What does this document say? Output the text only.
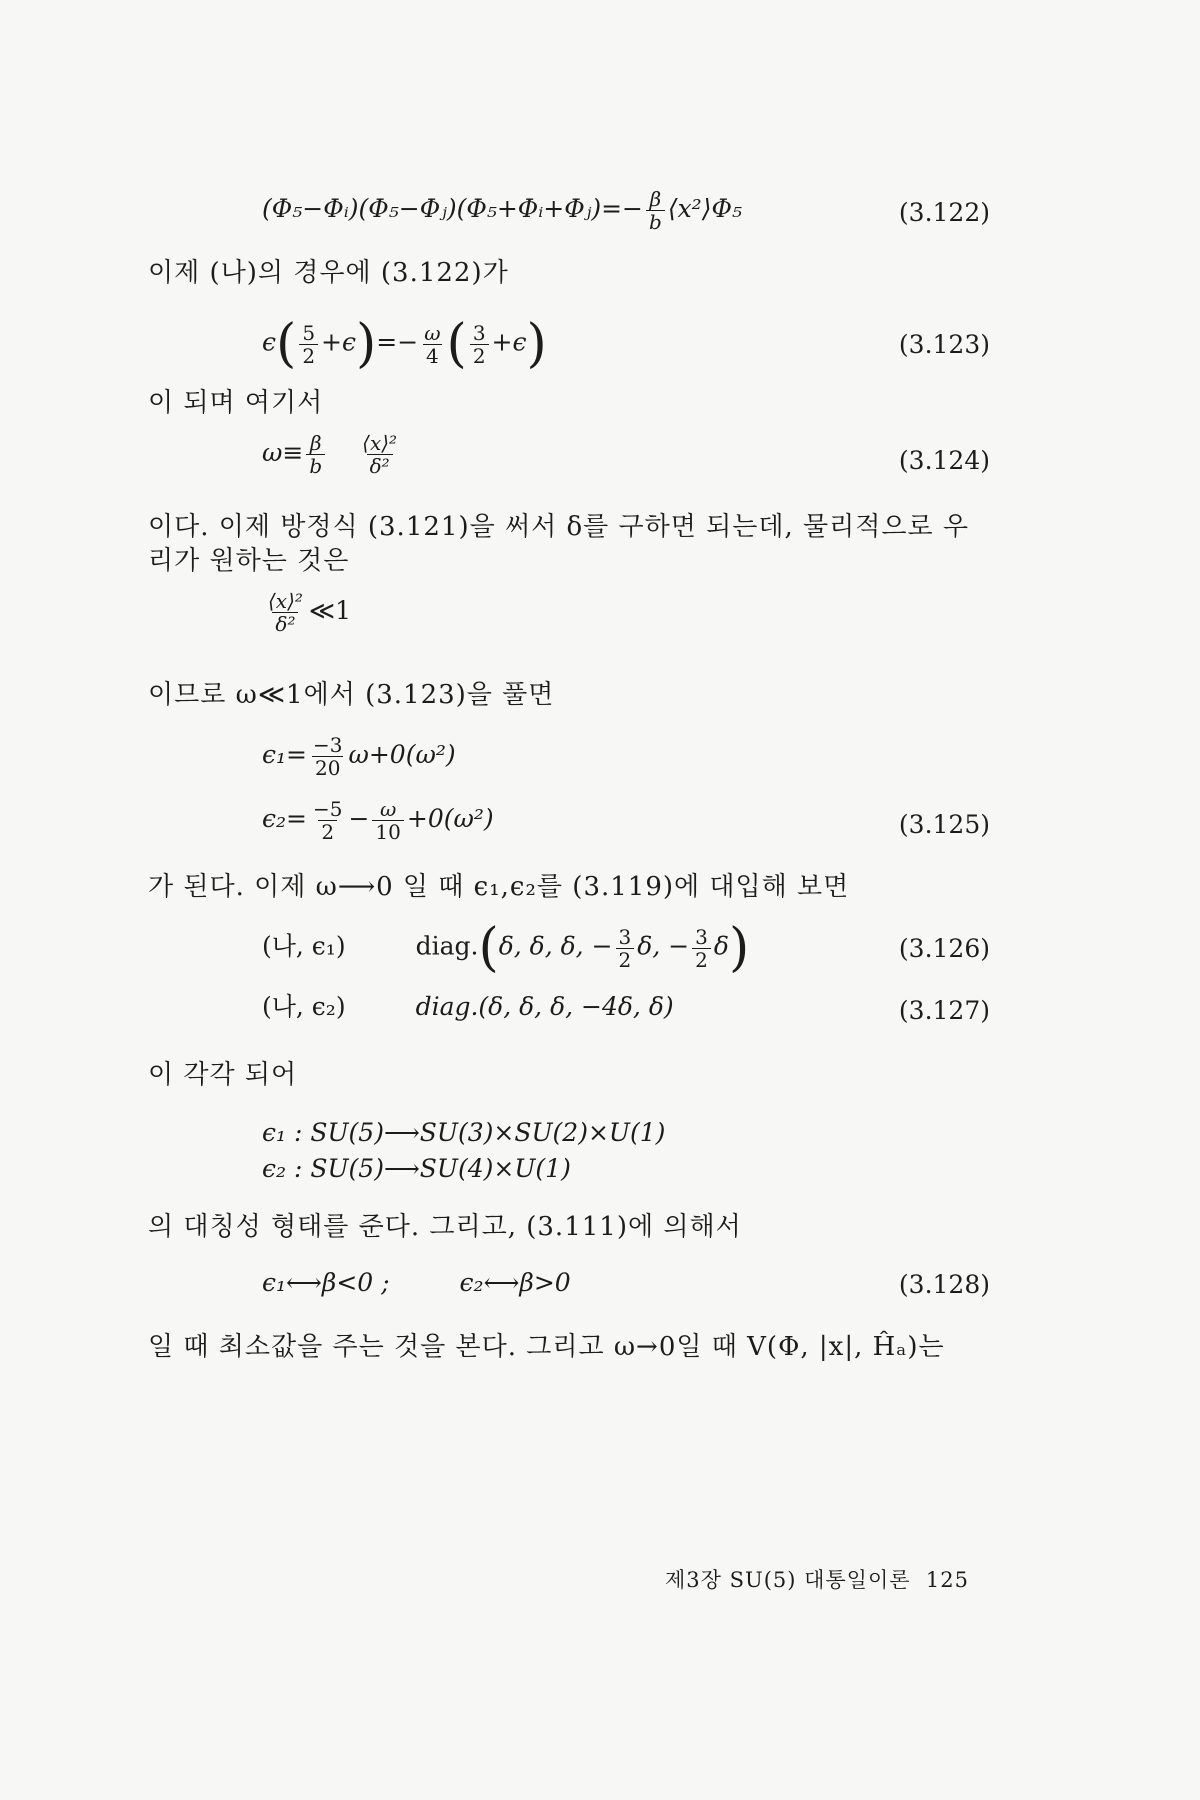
(Φ₅−Φᵢ)(Φ₅−Φⱼ)(Φ₅+Φᵢ+Φⱼ)=− $\frac{\beta}{b}$ ⟨x²⟩Φ₅	(3.122)
이제 (나)의 경우에 (3.122)가
$\epsilon( \frac{5}{2} +\epsilon)=- \frac{\omega}{4}$ ( $\frac{3}{2} +\epsilon$)	(3.123)
이 되며 여기서
$\omega\equiv \frac{\beta}{b} \frac{\text{⟨x⟩²}}{\text{δ²}}$	(3.124)
이다. 이제 방정식 (3.121)을 써서 δ를 구하면 되는데, 물리적으로 우
리가 원하는 것은
$\frac{\text{⟨x⟩²}}{\text{δ²}}$ ≪1
이므로 ω≪1에서 (3.123)을 풀면
$\epsilon_1= \frac{-3}{20} \omega+0(\omega^2)$
$\epsilon_2= \frac{-5}{2} - \frac{\omega}{10} +0(\omega^2)$	(3.125)
가 된다. 이제 ω⟶0 일 때 ϵ₁,ϵ₂를 (3.119)에 대입해 보면
(나, ϵ₁)	diag.(δ, δ, δ, − $\frac{3}{2} \delta$, − $\frac{3}{2} \delta$)	(3.126)
(나, ϵ₂)	diag.(δ, δ, δ, −4δ, δ)	(3.127)
이 각각 되어
ϵ₁ : SU(5)⟶SU(3)×SU(2)×U(1)
ϵ₂ : SU(5)⟶SU(4)×U(1)
의 대칭성 형태를 준다. 그리고, (3.111)에 의해서
ϵ₁⟷β<0 ;	ϵ₂⟷β>0	(3.128)
일 때 최소값을 주는 것을 본다. 그리고 ω→0일 때 V(Φ, |x|, Ĥₐ)는
제3장 SU(5) 대통일이론 125
